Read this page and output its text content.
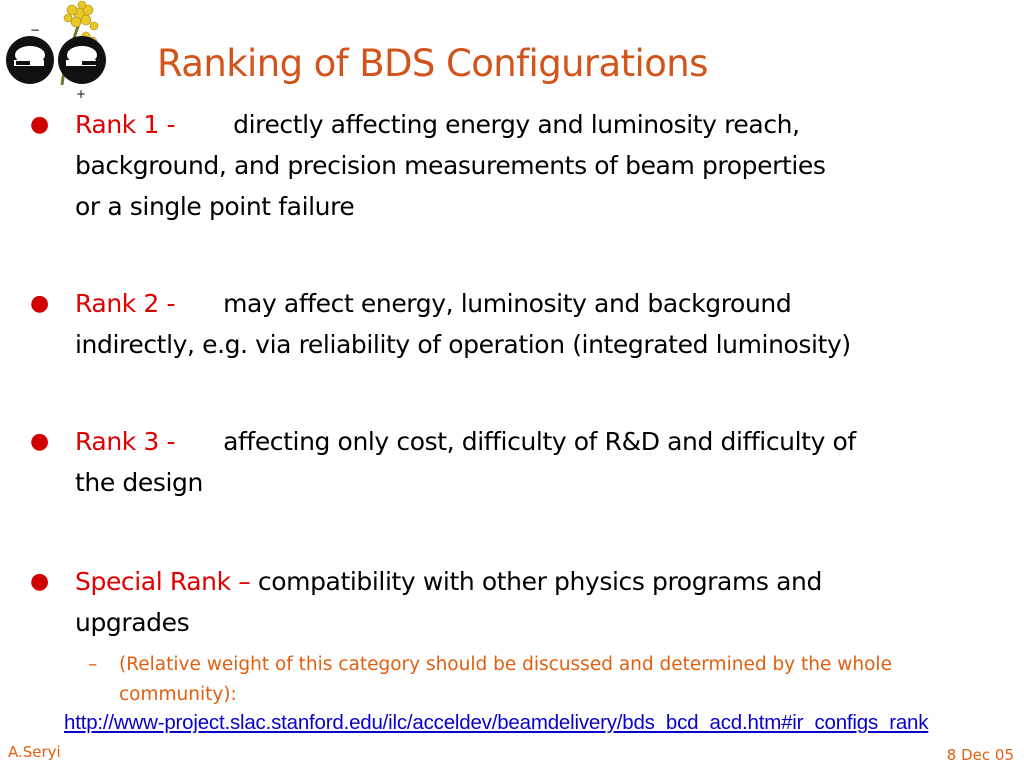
−
+
Ranking of BDS Configurations
● Rank 1 - directly affecting energy and luminosity reach,
background, and precision measurements of beam properties
or a single point failure
● Rank 2 - may affect energy, luminosity and background
indirectly, e.g. via reliability of operation (integrated luminosity)
● Rank 3 - affecting only cost, difficulty of R&D and difficulty of
the design
● Special Rank – compatibility with other physics programs and
upgrades
– (Relative weight of this category should be discussed and determined by the whole
community):
http://www-project.slac.stanford.edu/ilc/acceldev/beamdelivery/bds_bcd_acd.htm#ir_configs_rank
A.Seryi	8 Dec 05
